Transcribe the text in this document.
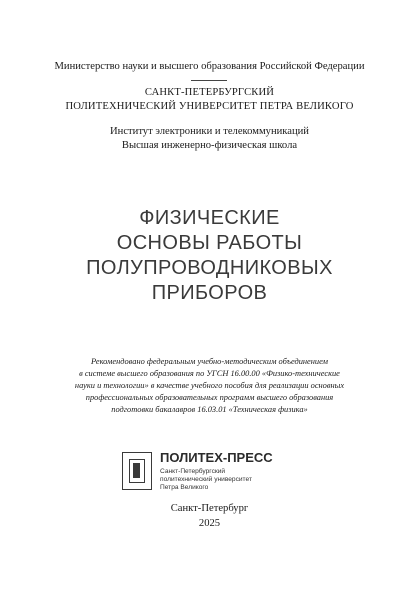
Министерство науки и высшего образования Российской Федерации
САНКТ-ПЕТЕРБУРГСКИЙ
ПОЛИТЕХНИЧЕСКИЙ УНИВЕРСИТЕТ ПЕТРА ВЕЛИКОГО
Институт электроники и телекоммуникаций
Высшая инженерно-физическая школа
ФИЗИЧЕСКИЕ
ОСНОВЫ РАБОТЫ
ПОЛУПРОВОДНИКОВЫХ
ПРИБОРОВ
Рекомендовано федеральным учебно-методическим объединением
в системе высшего образования по УГСН 16.00.00 «Физико-технические
науки и технологии» в качестве учебного пособия для реализации основных
профессиональных образовательных программ высшего образования
подготовки бакалавров 16.03.01 «Техническая физика»
ПОЛИТЕХ-ПРЕСС
Санкт-Петербургский
политехнический университет
Петра Великого
Санкт-Петербург
2025
